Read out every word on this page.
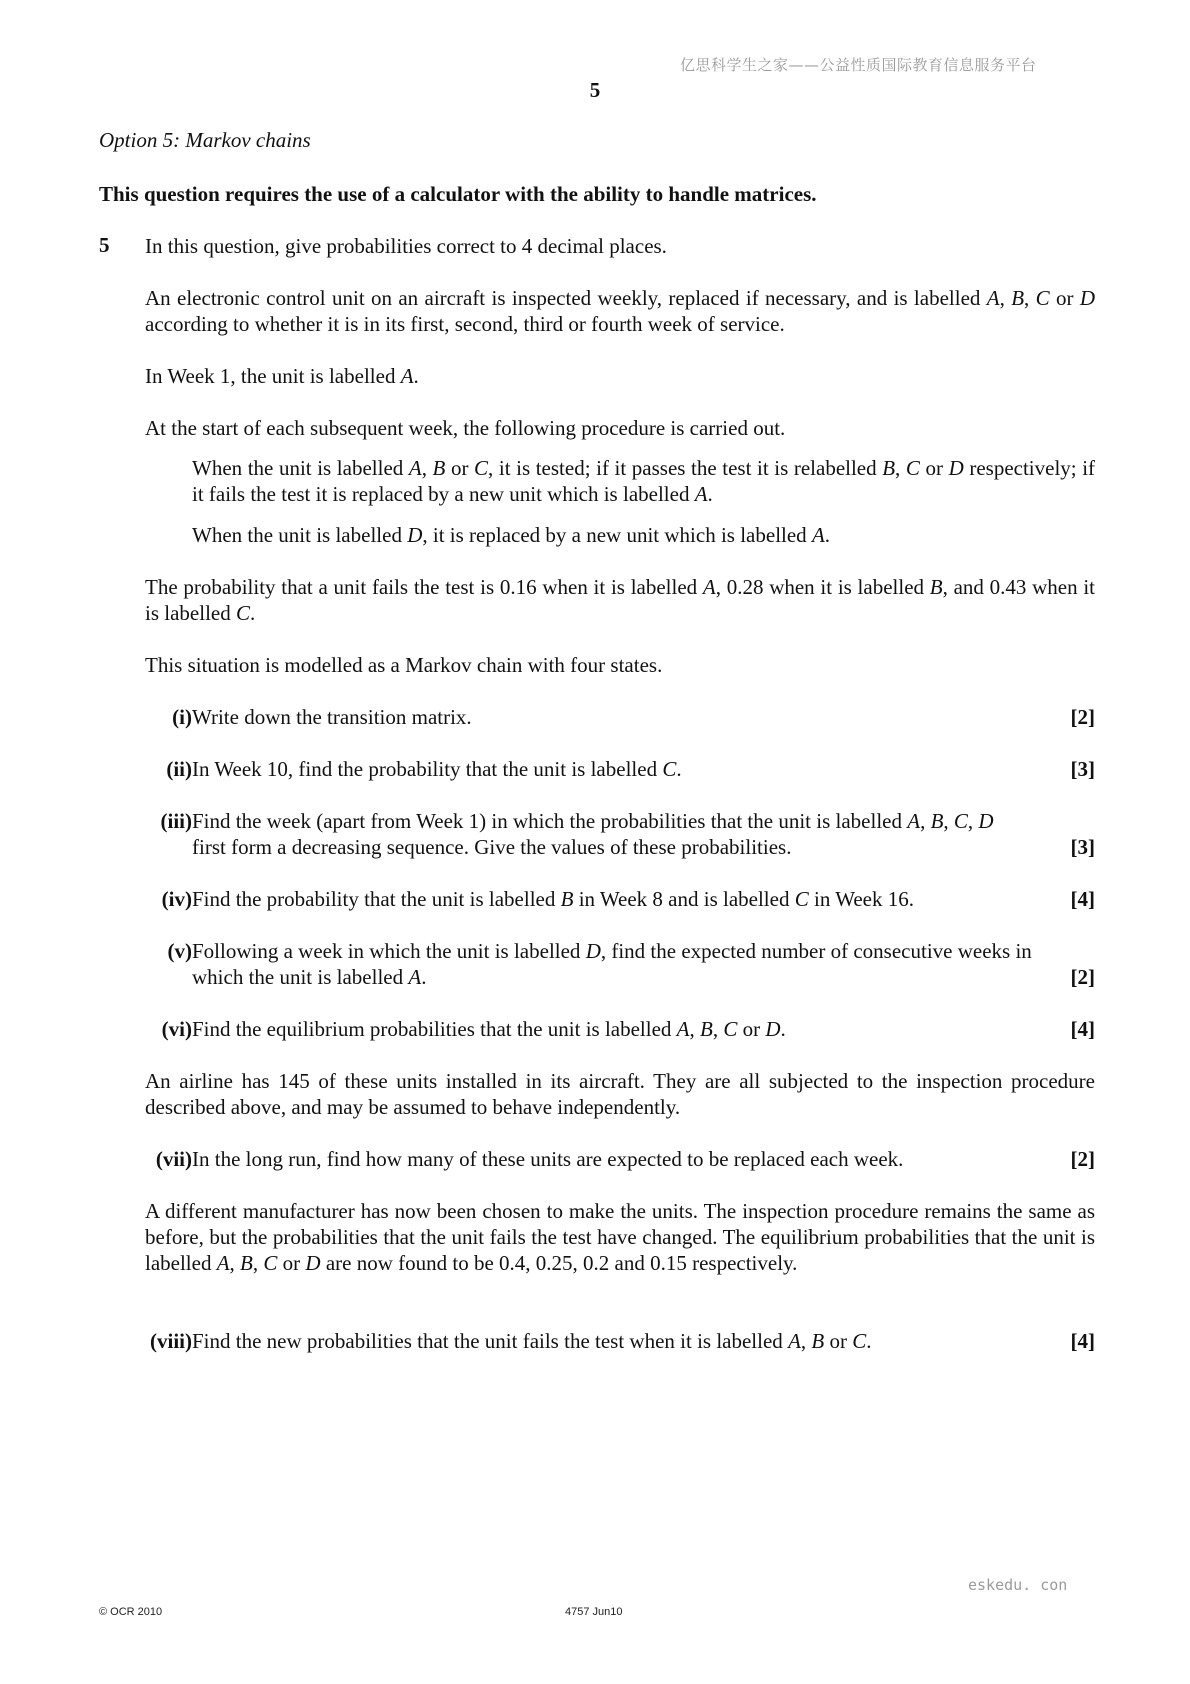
亿思科学生之家——公益性质国际教育信息服务平台
5
Option 5: Markov chains
This question requires the use of a calculator with the ability to handle matrices.
5 In this question, give probabilities correct to 4 decimal places.
An electronic control unit on an aircraft is inspected weekly, replaced if necessary, and is labelled A, B, C or D according to whether it is in its first, second, third or fourth week of service.
In Week 1, the unit is labelled A.
At the start of each subsequent week, the following procedure is carried out.
When the unit is labelled A, B or C, it is tested; if it passes the test it is relabelled B, C or D respectively; if it fails the test it is replaced by a new unit which is labelled A.
When the unit is labelled D, it is replaced by a new unit which is labelled A.
The probability that a unit fails the test is 0.16 when it is labelled A, 0.28 when it is labelled B, and 0.43 when it is labelled C.
This situation is modelled as a Markov chain with four states.
(i) Write down the transition matrix.	[2]
(ii) In Week 10, find the probability that the unit is labelled C.	[3]
(iii) Find the week (apart from Week 1) in which the probabilities that the unit is labelled A, B, C, D first form a decreasing sequence. Give the values of these probabilities.	[3]
(iv) Find the probability that the unit is labelled B in Week 8 and is labelled C in Week 16.	[4]
(v) Following a week in which the unit is labelled D, find the expected number of consecutive weeks in which the unit is labelled A.	[2]
(vi) Find the equilibrium probabilities that the unit is labelled A, B, C or D.	[4]
An airline has 145 of these units installed in its aircraft. They are all subjected to the inspection procedure described above, and may be assumed to behave independently.
(vii) In the long run, find how many of these units are expected to be replaced each week.	[2]
A different manufacturer has now been chosen to make the units. The inspection procedure remains the same as before, but the probabilities that the unit fails the test have changed. The equilibrium probabilities that the unit is labelled A, B, C or D are now found to be 0.4, 0.25, 0.2 and 0.15 respectively.
(viii) Find the new probabilities that the unit fails the test when it is labelled A, B or C.	[4]
eskedu. con
© OCR 2010	4757 Jun10
